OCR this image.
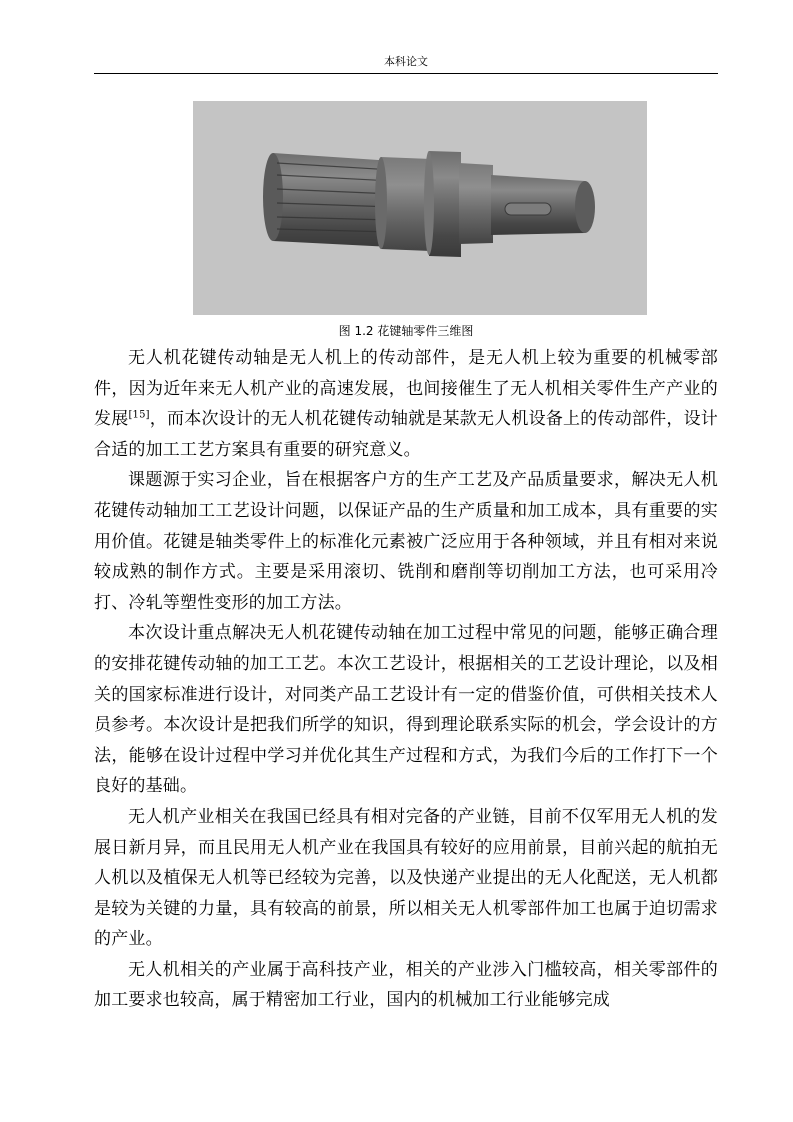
本科论文
图 1.2 花键轴零件三维图

无人机花键传动轴是无人机上的传动部件，是无人机上较为重要的机械零部件，因为近年来无人机产业的高速发展，也间接催生了无人机相关零件生产产业的发展[15]，而本次设计的无人机花键传动轴就是某款无人机设备上的传动部件，设计合适的加工工艺方案具有重要的研究意义。

课题源于实习企业，旨在根据客户方的生产工艺及产品质量要求，解决无人机花键传动轴加工工艺设计问题，以保证产品的生产质量和加工成本，具有重要的实用价值。花键是轴类零件上的标准化元素被广泛应用于各种领域，并且有相对来说较成熟的制作方式。主要是采用滚切、铣削和磨削等切削加工方法，也可采用冷打、冷轧等塑性变形的加工方法。

本次设计重点解决无人机花键传动轴在加工过程中常见的问题，能够正确合理的安排花键传动轴的加工工艺。本次工艺设计，根据相关的工艺设计理论，以及相关的国家标准进行设计，对同类产品工艺设计有一定的借鉴价值，可供相关技术人员参考。本次设计是把我们所学的知识，得到理论联系实际的机会，学会设计的方法，能够在设计过程中学习并优化其生产过程和方式，为我们今后的工作打下一个良好的基础。

无人机产业相关在我国已经具有相对完备的产业链，目前不仅军用无人机的发展日新月异，而且民用无人机产业在我国具有较好的应用前景，目前兴起的航拍无人机以及植保无人机等已经较为完善，以及快递产业提出的无人化配送，无人机都是较为关键的力量，具有较高的前景，所以相关无人机零部件加工也属于迫切需求的产业。

无人机相关的产业属于高科技产业，相关的产业涉入门槛较高，相关零部件的加工要求也较高，属于精密加工行业，国内的机械加工行业能够完成
